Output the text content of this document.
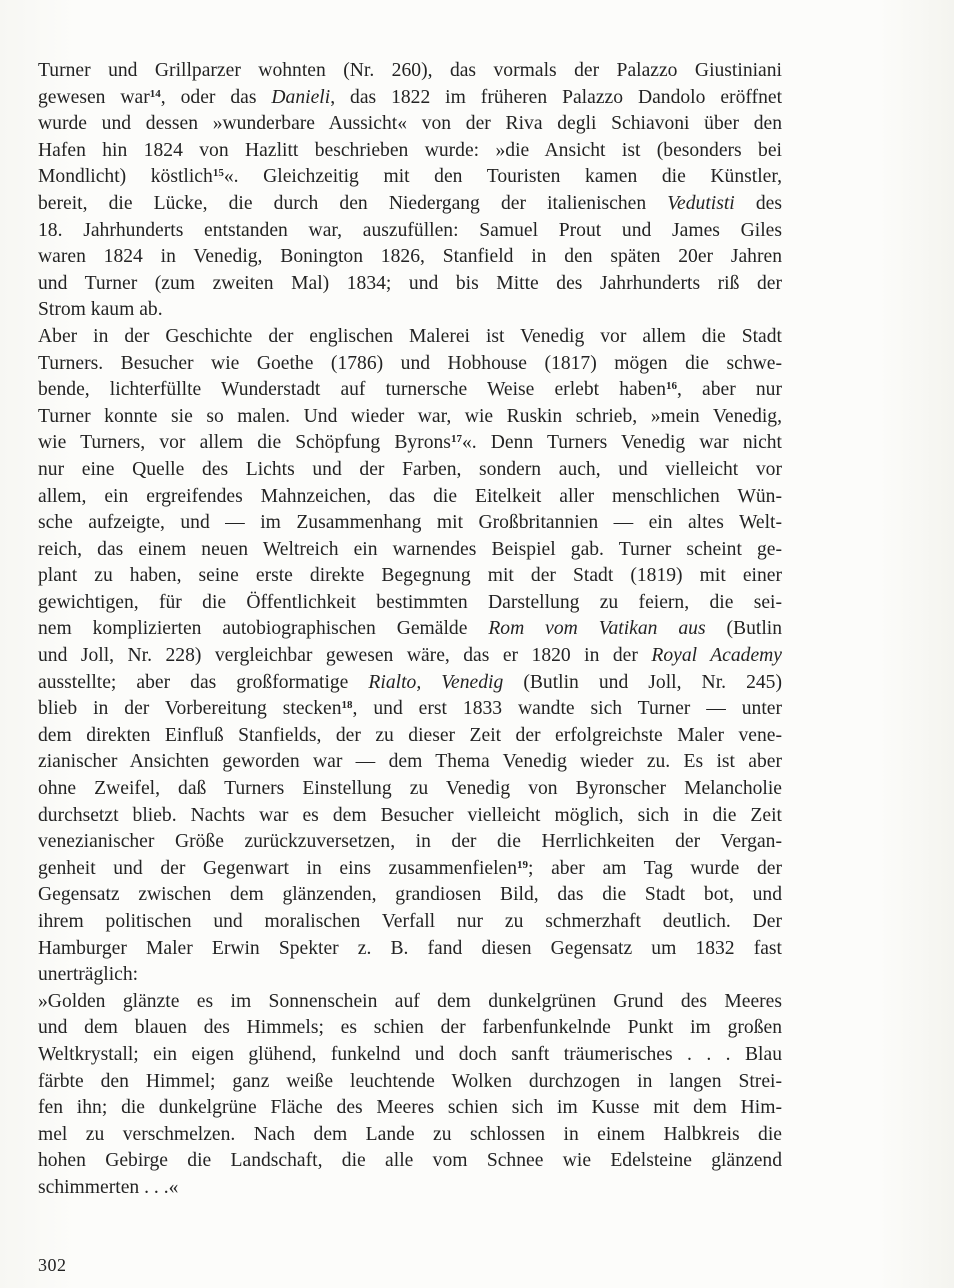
Turner und Grillparzer wohnten (Nr. 260), das vormals der Palazzo Giustiniani
gewesen war$^{14}$, oder das Danieli, das 1822 im früheren Palazzo Dandolo eröffnet
wurde und dessen »wunderbare Aussicht« von der Riva degli Schiavoni über den
Hafen hin 1824 von Hazlitt beschrieben wurde: »die Ansicht ist (besonders bei
Mondlicht) köstlich$^{15}$«. Gleichzeitig mit den Touristen kamen die Künstler,
bereit, die Lücke, die durch den Niedergang der italienischen Vedutisti des
18. Jahrhunderts entstanden war, auszufüllen: Samuel Prout und James Giles
waren 1824 in Venedig, Bonington 1826, Stanfield in den späten 20er Jahren
und Turner (zum zweiten Mal) 1834; und bis Mitte des Jahrhunderts riß der
Strom kaum ab.
Aber in der Geschichte der englischen Malerei ist Venedig vor allem die Stadt
Turners. Besucher wie Goethe (1786) und Hobhouse (1817) mögen die schwe-
bende, lichterfüllte Wunderstadt auf turnersche Weise erlebt haben$^{16}$, aber nur
Turner konnte sie so malen. Und wieder war, wie Ruskin schrieb, »mein Venedig,
wie Turners, vor allem die Schöpfung Byrons$^{17}$«. Denn Turners Venedig war nicht
nur eine Quelle des Lichts und der Farben, sondern auch, und vielleicht vor
allem, ein ergreifendes Mahnzeichen, das die Eitelkeit aller menschlichen Wün-
sche aufzeigte, und — im Zusammenhang mit Großbritannien — ein altes Welt-
reich, das einem neuen Weltreich ein warnendes Beispiel gab. Turner scheint ge-
plant zu haben, seine erste direkte Begegnung mit der Stadt (1819) mit einer
gewichtigen, für die Öffentlichkeit bestimmten Darstellung zu feiern, die sei-
nem komplizierten autobiographischen Gemälde Rom vom Vatikan aus (Butlin
und Joll, Nr. 228) vergleichbar gewesen wäre, das er 1820 in der Royal Academy
ausstellte; aber das großformatige Rialto, Venedig (Butlin und Joll, Nr. 245)
blieb in der Vorbereitung stecken$^{18}$, und erst 1833 wandte sich Turner — unter
dem direkten Einfluß Stanfields, der zu dieser Zeit der erfolgreichste Maler vene-
zianischer Ansichten geworden war — dem Thema Venedig wieder zu. Es ist aber
ohne Zweifel, daß Turners Einstellung zu Venedig von Byronscher Melancholie
durchsetzt blieb. Nachts war es dem Besucher vielleicht möglich, sich in die Zeit
venezianischer Größe zurückzuversetzen, in der die Herrlichkeiten der Vergan-
genheit und der Gegenwart in eins zusammenfielen$^{19}$; aber am Tag wurde der
Gegensatz zwischen dem glänzenden, grandiosen Bild, das die Stadt bot, und
ihrem politischen und moralischen Verfall nur zu schmerzhaft deutlich. Der
Hamburger Maler Erwin Spekter z. B. fand diesen Gegensatz um 1832 fast
unerträglich:
»Golden glänzte es im Sonnenschein auf dem dunkelgrünen Grund des Meeres
und dem blauen des Himmels; es schien der farbenfunkelnde Punkt im großen
Weltkrystall; ein eigen glühend, funkelnd und doch sanft träumerisches . . . Blau
färbte den Himmel; ganz weiße leuchtende Wolken durchzogen in langen Strei-
fen ihn; die dunkelgrüne Fläche des Meeres schien sich im Kusse mit dem Him-
mel zu verschmelzen. Nach dem Lande zu schlossen in einem Halbkreis die
hohen Gebirge die Landschaft, die alle vom Schnee wie Edelsteine glänzend
schimmerten . . .«
302
